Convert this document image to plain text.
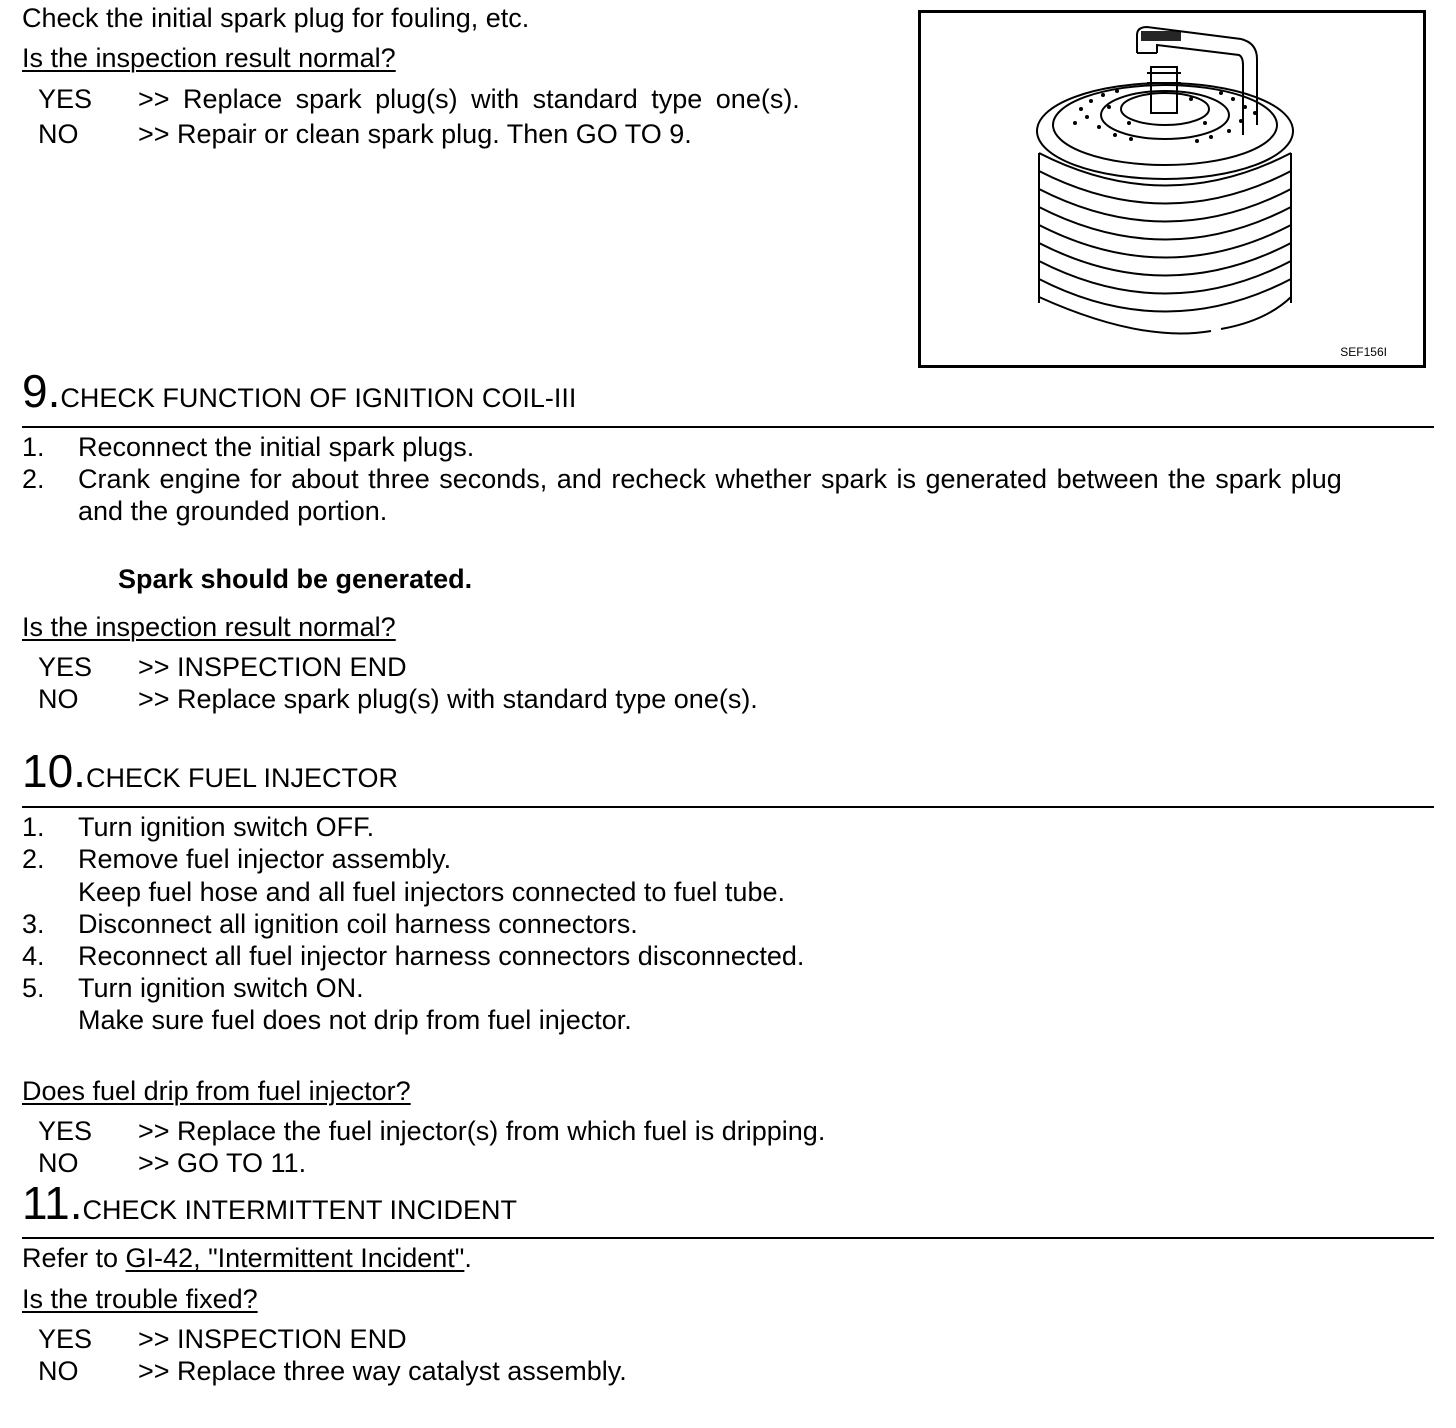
Check the initial spark plug for fouling, etc.
Is the inspection result normal?
YES >> Replace spark plug(s) with standard type one(s).
NO >> Repair or clean spark plug. Then GO TO 9.
SEF156I
9.CHECK FUNCTION OF IGNITION COIL-III
1. Reconnect the initial spark plugs.
2. Crank engine for about three seconds, and recheck whether spark is generated between the spark plug
and the grounded portion.
Spark should be generated.
Is the inspection result normal?
YES >> INSPECTION END
NO >> Replace spark plug(s) with standard type one(s).
10.CHECK FUEL INJECTOR
1. Turn ignition switch OFF.
2. Remove fuel injector assembly.
Keep fuel hose and all fuel injectors connected to fuel tube.
3. Disconnect all ignition coil harness connectors.
4. Reconnect all fuel injector harness connectors disconnected.
5. Turn ignition switch ON.
Make sure fuel does not drip from fuel injector.
Does fuel drip from fuel injector?
YES >> Replace the fuel injector(s) from which fuel is dripping.
NO >> GO TO 11.
11.CHECK INTERMITTENT INCIDENT
Refer to GI-42, "Intermittent Incident".
Is the trouble fixed?
YES >> INSPECTION END
NO >> Replace three way catalyst assembly.
